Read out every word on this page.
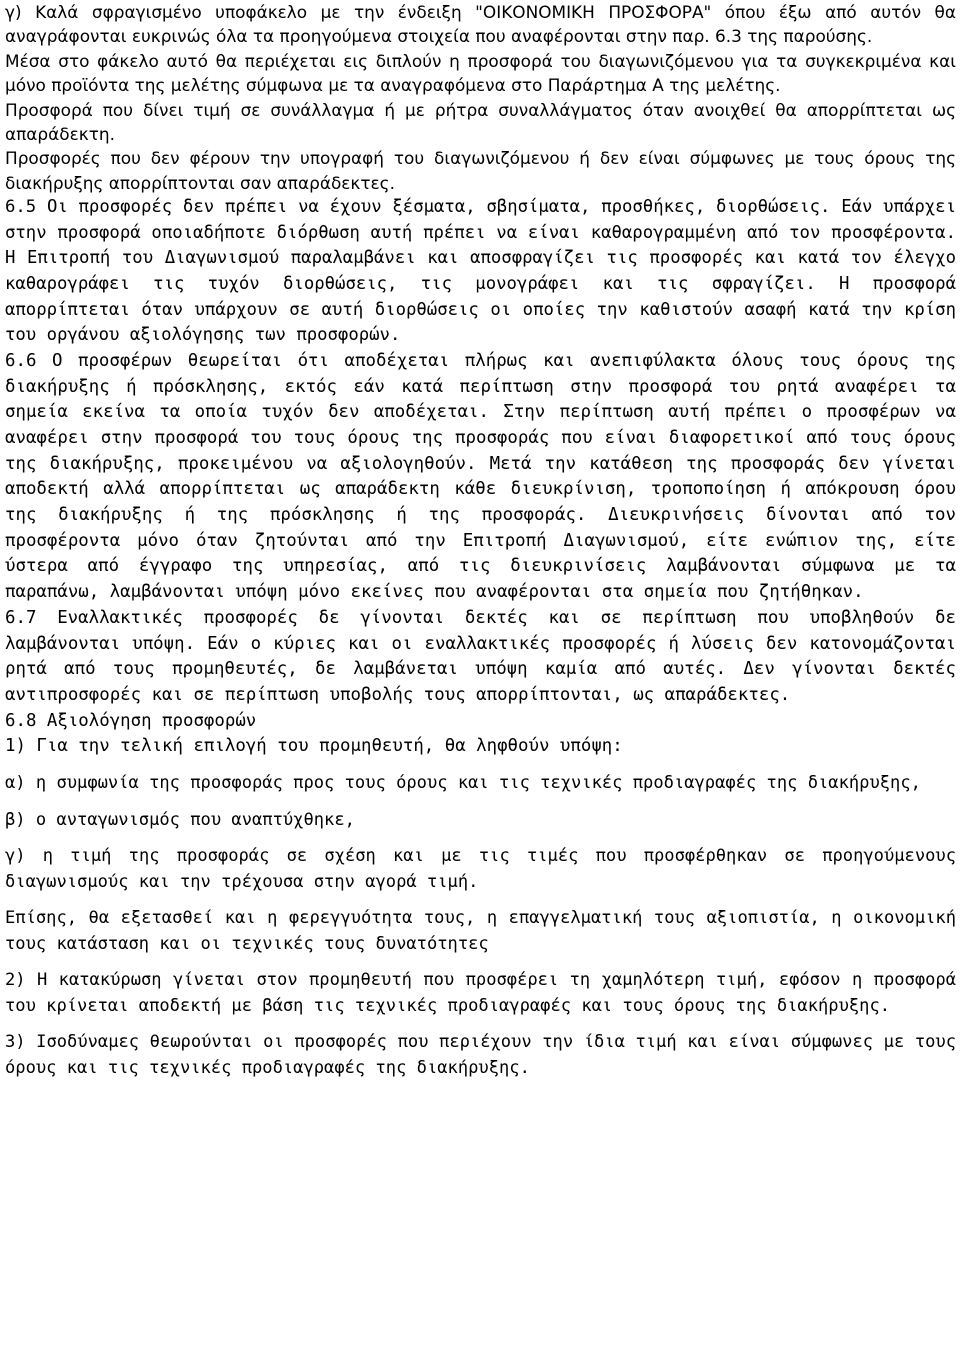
γ) Καλά σφραγισμένο υποφάκελο με την ένδειξη "ΟΙΚΟΝΟΜΙΚΗ ΠΡΟΣΦΟΡΑ" όπου έξω από αυτόν θα αναγράφονται ευκρινώς όλα τα προηγούμενα στοιχεία που αναφέρονται στην παρ. 6.3 της παρούσης.

Μέσα στο φάκελο αυτό θα περιέχεται εις διπλούν η προσφορά του διαγωνιζόμενου για τα συγκεκριμένα και μόνο προϊόντα της μελέτης σύμφωνα με τα αναγραφόμενα στο Παράρτημα Α της μελέτης.

Προσφορά που δίνει τιμή σε συνάλλαγμα ή με ρήτρα συναλλάγματος όταν ανοιχθεί θα απορρίπτεται ως απαράδεκτη.

Προσφορές που δεν φέρουν την υπογραφή του διαγωνιζόμενου ή δεν είναι σύμφωνες με τους όρους της διακήρυξης απορρίπτονται σαν απαράδεκτες.

6.5 Οι προσφορές δεν πρέπει να έχουν ξέσματα, σβησίματα, προσθήκες, διορθώσεις. Εάν υπάρχει στην προσφορά οποιαδήποτε διόρθωση αυτή πρέπει να είναι καθαρογραμμένη από τον προσφέροντα. Η Επιτροπή του Διαγωνισμού παραλαμβάνει και αποσφραγίζει τις προσφορές και κατά τον έλεγχο καθαρογράφει τις τυχόν διορθώσεις, τις μονογράφει και τις σφραγίζει. Η προσφορά απορρίπτεται όταν υπάρχουν σε αυτή διορθώσεις οι οποίες την καθιστούν ασαφή κατά την κρίση του οργάνου αξιολόγησης των προσφορών.

6.6 Ο προσφέρων θεωρείται ότι αποδέχεται πλήρως και ανεπιφύλακτα όλους τους όρους της διακήρυξης ή πρόσκλησης, εκτός εάν κατά περίπτωση στην προσφορά του ρητά αναφέρει τα σημεία εκείνα τα οποία τυχόν δεν αποδέχεται. Στην περίπτωση αυτή πρέπει ο προσφέρων να αναφέρει στην προσφορά του τους όρους της προσφοράς που είναι διαφορετικοί από τους όρους της διακήρυξης, προκειμένου να αξιολογηθούν. Μετά την κατάθεση της προσφοράς δεν γίνεται αποδεκτή αλλά απορρίπτεται ως απαράδεκτη κάθε διευκρίνιση, τροποποίηση ή απόκρουση όρου της διακήρυξης ή της πρόσκλησης ή της προσφοράς. Διευκρινήσεις δίνονται από τον προσφέροντα μόνο όταν ζητούνται από την Επιτροπή Διαγωνισμού, είτε ενώπιον της, είτε ύστερα από έγγραφο της υπηρεσίας, από τις διευκρινίσεις λαμβάνονται σύμφωνα με τα παραπάνω, λαμβάνονται υπόψη μόνο εκείνες που αναφέρονται στα σημεία που ζητήθηκαν.

6.7 Εναλλακτικές προσφορές δε γίνονται δεκτές και σε περίπτωση που υποβληθούν δε λαμβάνονται υπόψη. Εάν ο κύριες και οι εναλλακτικές προσφορές ή λύσεις δεν κατονομάζονται ρητά από τους προμηθευτές, δε λαμβάνεται υπόψη καμία από αυτές. Δεν γίνονται δεκτές αντιπροσφορές και σε περίπτωση υποβολής τους απορρίπτονται, ως απαράδεκτες.

6.8 Αξιολόγηση προσφορών

1) Για την τελική επιλογή του προμηθευτή, θα ληφθούν υπόψη:

α) η συμφωνία της προσφοράς προς τους όρους και τις τεχνικές προδιαγραφές της διακήρυξης,

β) ο ανταγωνισμός που αναπτύχθηκε,

γ) η τιμή της προσφοράς σε σχέση και με τις τιμές που προσφέρθηκαν σε προηγούμενους διαγωνισμούς και την τρέχουσα στην αγορά τιμή.

Επίσης, θα εξετασθεί και η φερεγγυότητα τους, η επαγγελματική τους αξιοπιστία, η οικονομική τους κατάσταση και οι τεχνικές τους δυνατότητες

2) Η κατακύρωση γίνεται στον προμηθευτή που προσφέρει τη χαμηλότερη τιμή, εφόσον η προσφορά του κρίνεται αποδεκτή με βάση τις τεχνικές προδιαγραφές και τους όρους της διακήρυξης.

3) Ισοδύναμες θεωρούνται οι προσφορές που περιέχουν την ίδια τιμή και είναι σύμφωνες με τους όρους και τις τεχνικές προδιαγραφές της διακήρυξης.
